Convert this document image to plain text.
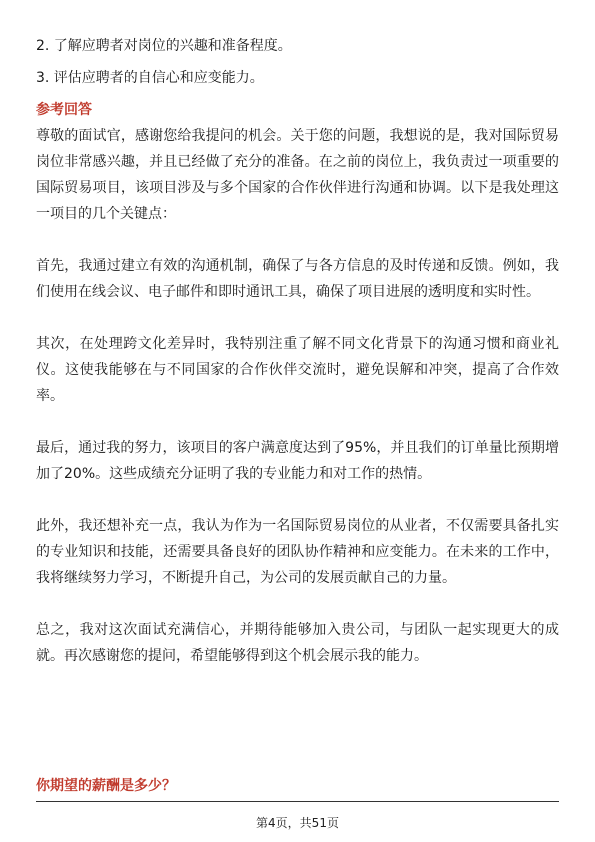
2. 了解应聘者对岗位的兴趣和准备程度。
3. 评估应聘者的自信心和应变能力。
参考回答

尊敬的面试官，感谢您给我提问的机会。关于您的问题，我想说的是，我对国际贸易岗位非常感兴趣，并且已经做了充分的准备。在之前的岗位上，我负责过一项重要的国际贸易项目，该项目涉及与多个国家的合作伙伴进行沟通和协调。以下是我处理这一项目的几个关键点：

首先，我通过建立有效的沟通机制，确保了与各方信息的及时传递和反馈。例如，我们使用在线会议、电子邮件和即时通讯工具，确保了项目进展的透明度和实时性。

其次，在处理跨文化差异时，我特别注重了解不同文化背景下的沟通习惯和商业礼仪。这使我能够在与不同国家的合作伙伴交流时，避免误解和冲突，提高了合作效率。

最后，通过我的努力，该项目的客户满意度达到了95%，并且我们的订单量比预期增加了20%。这些成绩充分证明了我的专业能力和对工作的热情。

此外，我还想补充一点，我认为作为一名国际贸易岗位的从业者，不仅需要具备扎实的专业知识和技能，还需要具备良好的团队协作精神和应变能力。在未来的工作中，我将继续努力学习，不断提升自己，为公司的发展贡献自己的力量。

总之，我对这次面试充满信心，并期待能够加入贵公司，与团队一起实现更大的成就。再次感谢您的提问，希望能够得到这个机会展示我的能力。

你期望的薪酬是多少？
第4页，共51页
